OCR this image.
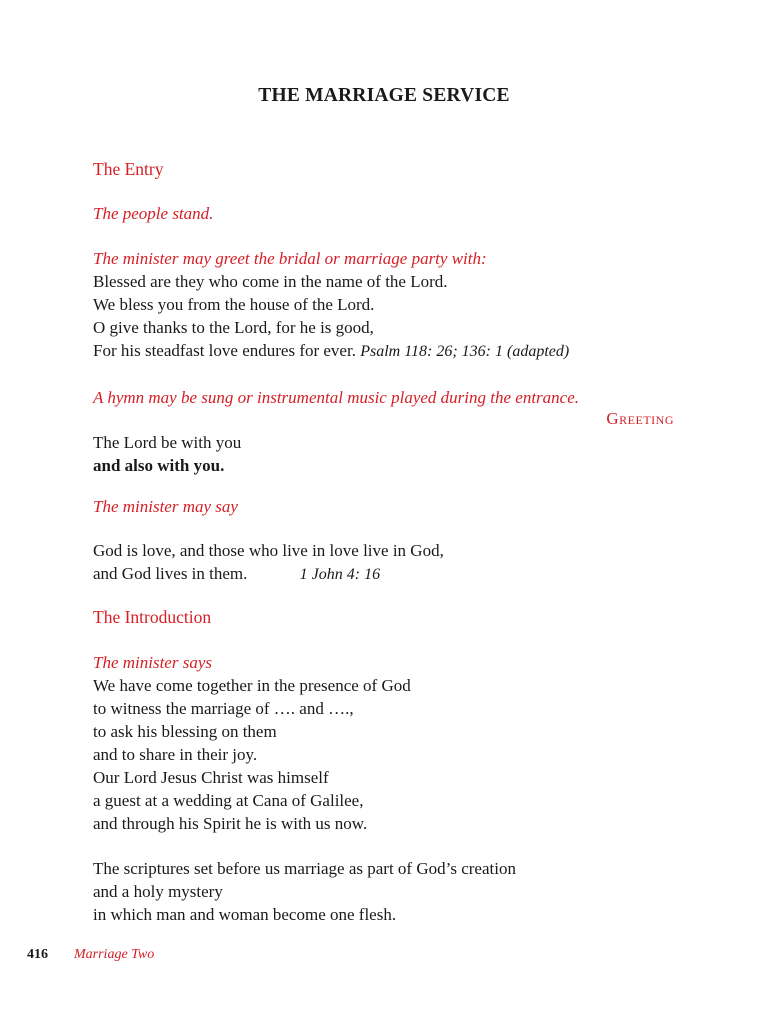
THE MARRIAGE SERVICE
The Entry
The people stand.
The minister may greet the bridal or marriage party with:
Blessed are they who come in the name of the Lord.
We bless you from the house of the Lord.
O give thanks to the Lord, for he is good,
For his steadfast love endures for ever. Psalm 118: 26; 136: 1 (adapted)
A hymn may be sung or instrumental music played during the entrance.
Greeting
The Lord be with you
and also with you.
The minister may say
God is love, and those who live in love live in God,
and God lives in them.	1 John 4: 16
The Introduction
The minister says
We have come together in the presence of God
to witness the marriage of …. and ….,
to ask his blessing on them
and to share in their joy.
Our Lord Jesus Christ was himself
a guest at a wedding at Cana of Galilee,
and through his Spirit he is with us now.
The scriptures set before us marriage as part of God’s creation
and a holy mystery
in which man and woman become one flesh.
416 Marriage Two
